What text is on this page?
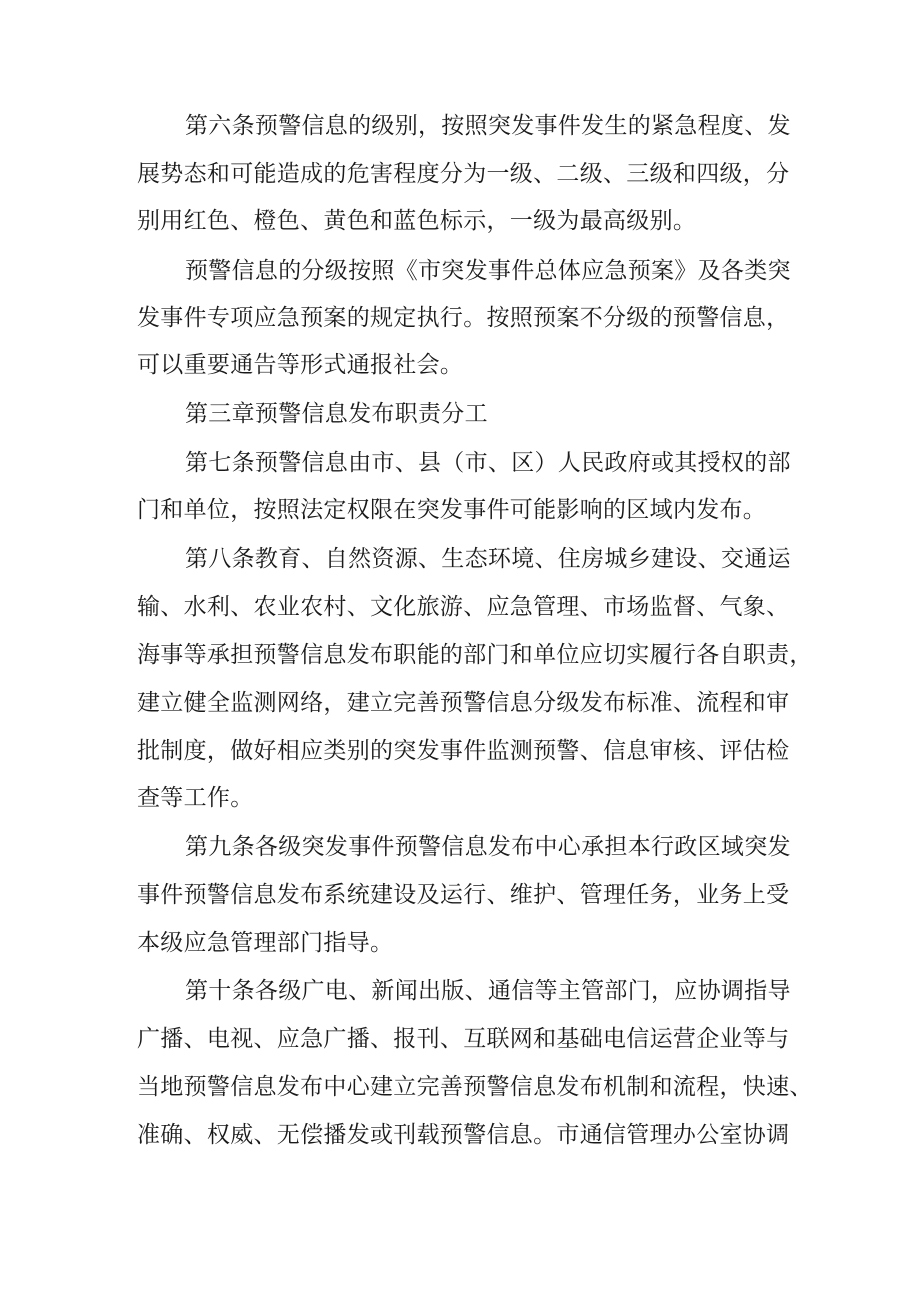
第六条预警信息的级别，按照突发事件发生的紧急程度、发
展势态和可能造成的危害程度分为一级、二级、三级和四级，分
别用红色、橙色、黄色和蓝色标示，一级为最高级别。
预警信息的分级按照《市突发事件总体应急预案》及各类突
发事件专项应急预案的规定执行。按照预案不分级的预警信息，
可以重要通告等形式通报社会。
第三章预警信息发布职责分工
第七条预警信息由市、县（市、区）人民政府或其授权的部
门和单位，按照法定权限在突发事件可能影响的区域内发布。
第八条教育、自然资源、生态环境、住房城乡建设、交通运
输、水利、农业农村、文化旅游、应急管理、市场监督、气象、
海事等承担预警信息发布职能的部门和单位应切实履行各自职责，
建立健全监测网络，建立完善预警信息分级发布标准、流程和审
批制度，做好相应类别的突发事件监测预警、信息审核、评估检
查等工作。
第九条各级突发事件预警信息发布中心承担本行政区域突发
事件预警信息发布系统建设及运行、维护、管理任务，业务上受
本级应急管理部门指导。
第十条各级广电、新闻出版、通信等主管部门，应协调指导
广播、电视、应急广播、报刊、互联网和基础电信运营企业等与
当地预警信息发布中心建立完善预警信息发布机制和流程，快速、
准确、权威、无偿播发或刊载预警信息。市通信管理办公室协调
